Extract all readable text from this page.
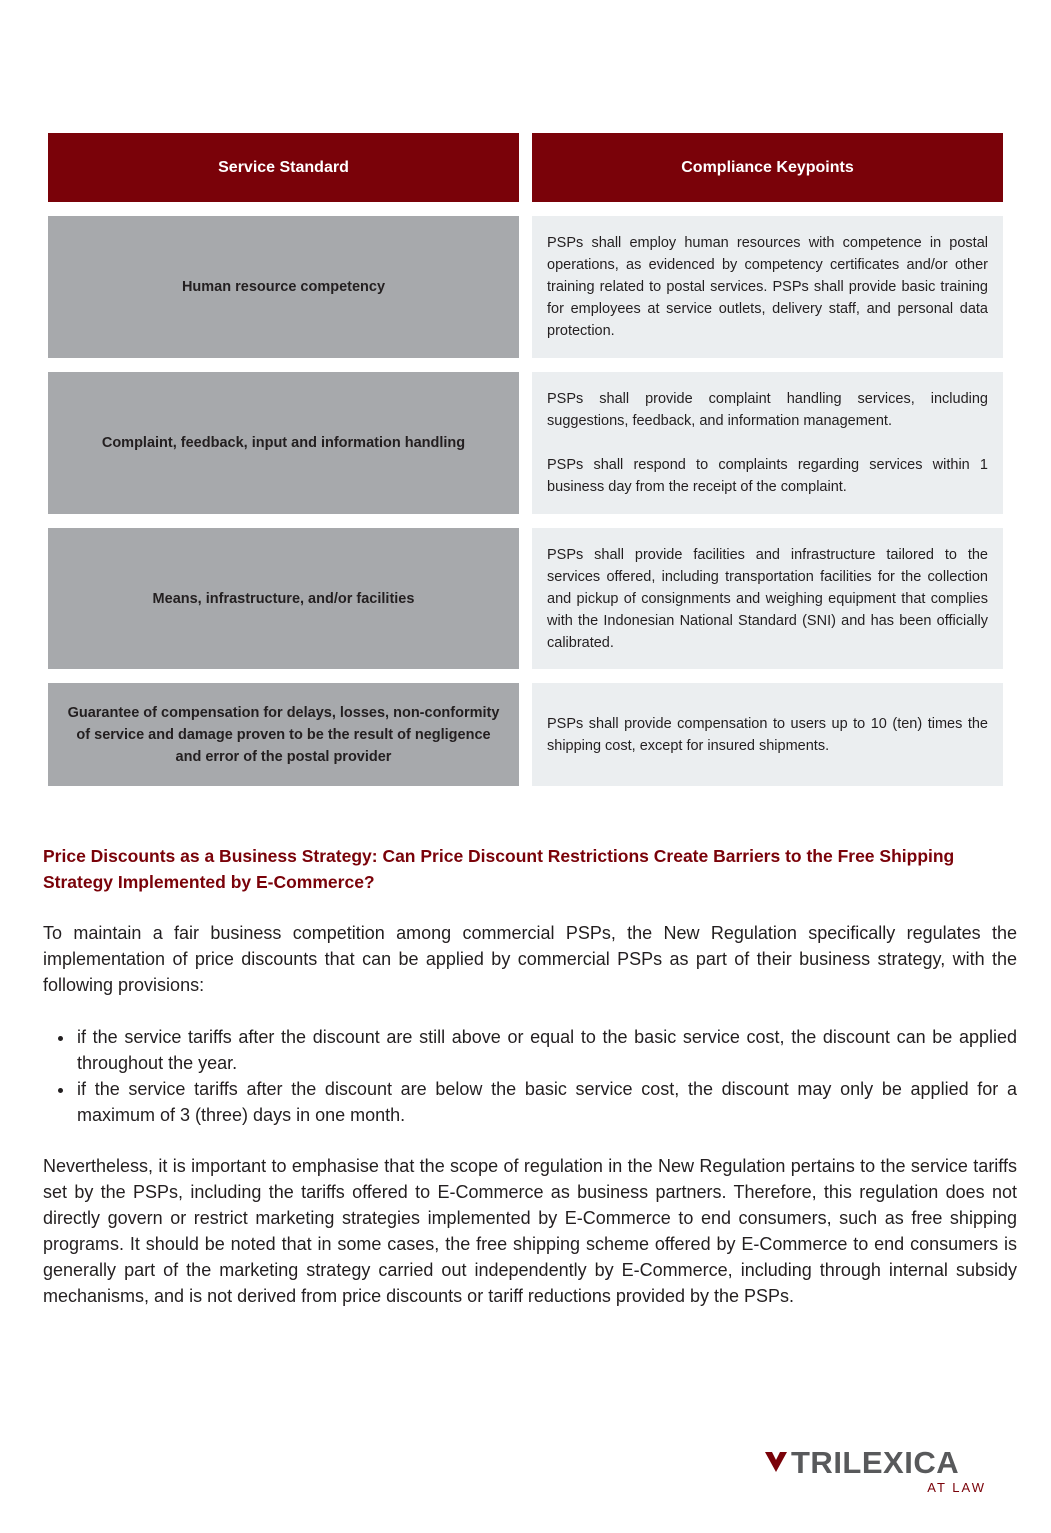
Service Standard	Compliance Keypoints
Human resource competency

PSPs shall employ human resources with competence in postal operations, as evidenced by competency certificates and/or other training related to postal services. PSPs shall provide basic training for employees at service outlets, delivery staff, and personal data protection.

Complaint, feedback, input and information handling

PSPs shall provide complaint handling services, including suggestions, feedback, and information management.

PSPs shall respond to complaints regarding services within 1 business day from the receipt of the complaint.

Means, infrastructure, and/or facilities

PSPs shall provide facilities and infrastructure tailored to the services offered, including transportation facilities for the collection and pickup of consignments and weighing equipment that complies with the Indonesian National Standard (SNI) and has been officially calibrated.

Guarantee of compensation for delays, losses, non-conformity of service and damage proven to be the result of negligence and error of the postal provider

PSPs shall provide compensation to users up to 10 (ten) times the shipping cost, except for insured shipments.

Price Discounts as a Business Strategy: Can Price Discount Restrictions Create Barriers to the Free Shipping Strategy Implemented by E-Commerce?

To maintain a fair business competition among commercial PSPs, the New Regulation specifically regulates the implementation of price discounts that can be applied by commercial PSPs as part of their business strategy, with the following provisions:

if the service tariffs after the discount are still above or equal to the basic service cost, the discount can be applied throughout the year.
if the service tariffs after the discount are below the basic service cost, the discount may only be applied for a maximum of 3 (three) days in one month.

Nevertheless, it is important to emphasise that the scope of regulation in the New Regulation pertains to the service tariffs set by the PSPs, including the tariffs offered to E-Commerce as business partners. Therefore, this regulation does not directly govern or restrict marketing strategies implemented by E-Commerce to end consumers, such as free shipping programs. It should be noted that in some cases, the free shipping scheme offered by E-Commerce to end consumers is generally part of the marketing strategy carried out independently by E-Commerce, including through internal subsidy mechanisms, and is not derived from price discounts or tariff reductions provided by the PSPs.

TRILEXICA
AT LAW
